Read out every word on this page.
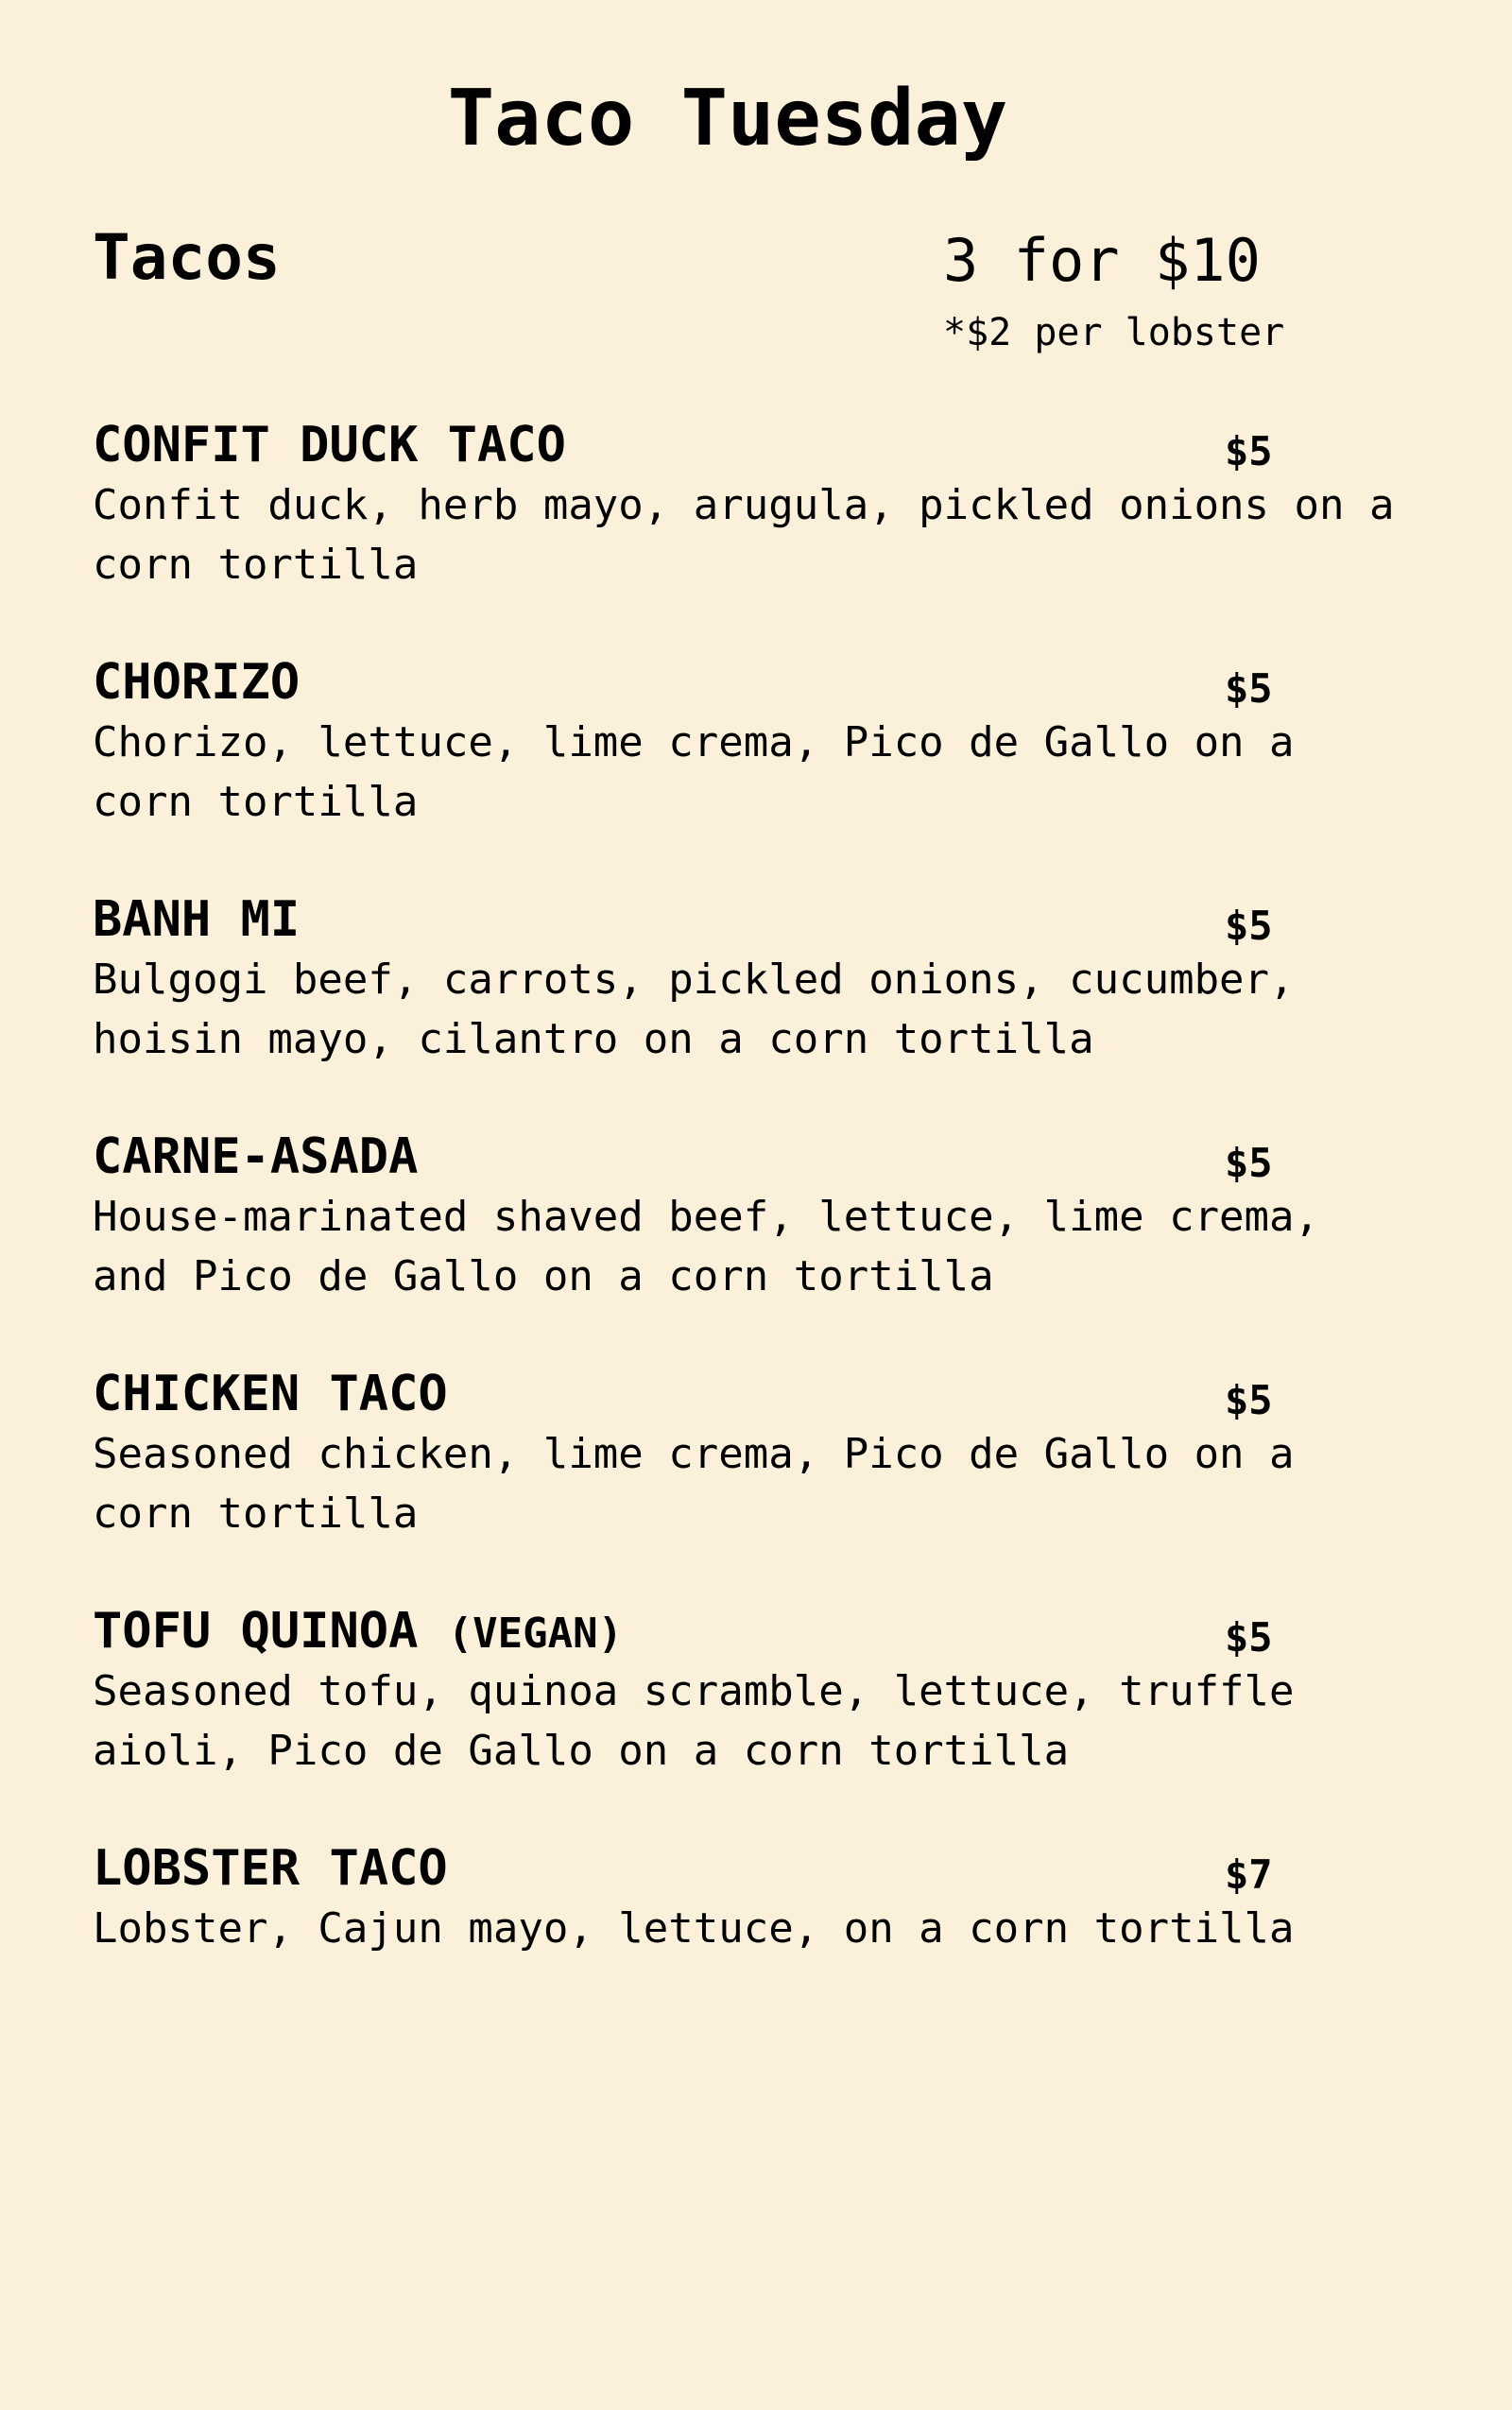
Taco Tuesday
Tacos	3 for $10
*$2 per lobster
CONFIT DUCK TACO	$5

Confit duck, herb mayo, arugula, pickled onions on a corn tortilla

CHORIZO	$5

Chorizo, lettuce, lime crema, Pico de Gallo on a corn tortilla

BANH MI	$5

Bulgogi beef, carrots, pickled onions, cucumber, hoisin mayo, cilantro on a corn tortilla

CARNE-ASADA	$5

House-marinated shaved beef, lettuce, lime crema, and Pico de Gallo on a corn tortilla

CHICKEN TACO	$5

Seasoned chicken, lime crema, Pico de Gallo on a corn tortilla

TOFU QUINOA (VEGAN)	$5

Seasoned tofu, quinoa scramble, lettuce, truffle aioli, Pico de Gallo on a corn tortilla

LOBSTER TACO	$7

Lobster, Cajun mayo, lettuce, on a corn tortilla
